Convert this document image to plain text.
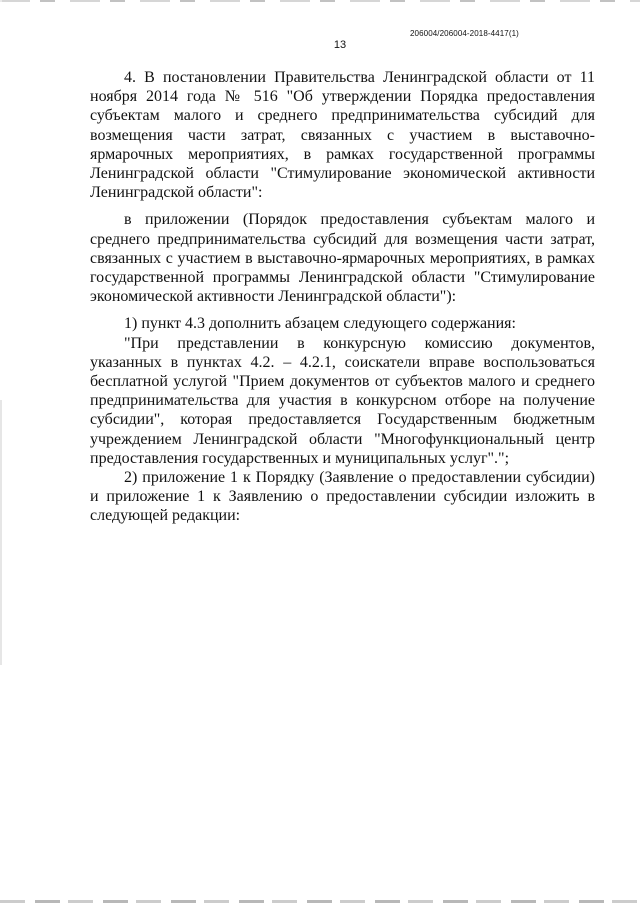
206004/206004-2018-4417(1)
13

4. В постановлении Правительства Ленинградской области от 11 ноября 2014 года № 516 "Об утверждении Порядка предоставления субъектам малого и среднего предпринимательства субсидий для возмещения части затрат, связанных с участием в выставочно-ярмарочных мероприятиях, в рамках государственной программы Ленинградской области "Стимулирование экономической активности Ленинградской области":

в приложении (Порядок предоставления субъектам малого и среднего предпринимательства субсидий для возмещения части затрат, связанных с участием в выставочно-ярмарочных мероприятиях, в рамках государственной программы Ленинградской области "Стимулирование экономической активности Ленинградской области"):

1) пункт 4.3 дополнить абзацем следующего содержания:

"При представлении в конкурсную комиссию документов, указанных в пунктах 4.2. – 4.2.1, соискатели вправе воспользоваться бесплатной услугой "Прием документов от субъектов малого и среднего предпринимательства для участия в конкурсном отборе на получение субсидии", которая предоставляется Государственным бюджетным учреждением Ленинградской области "Многофункциональный центр предоставления государственных и муниципальных услуг".";

2) приложение 1 к Порядку (Заявление о предоставлении субсидии) и приложение 1 к Заявлению о предоставлении субсидии изложить в следующей редакции:
